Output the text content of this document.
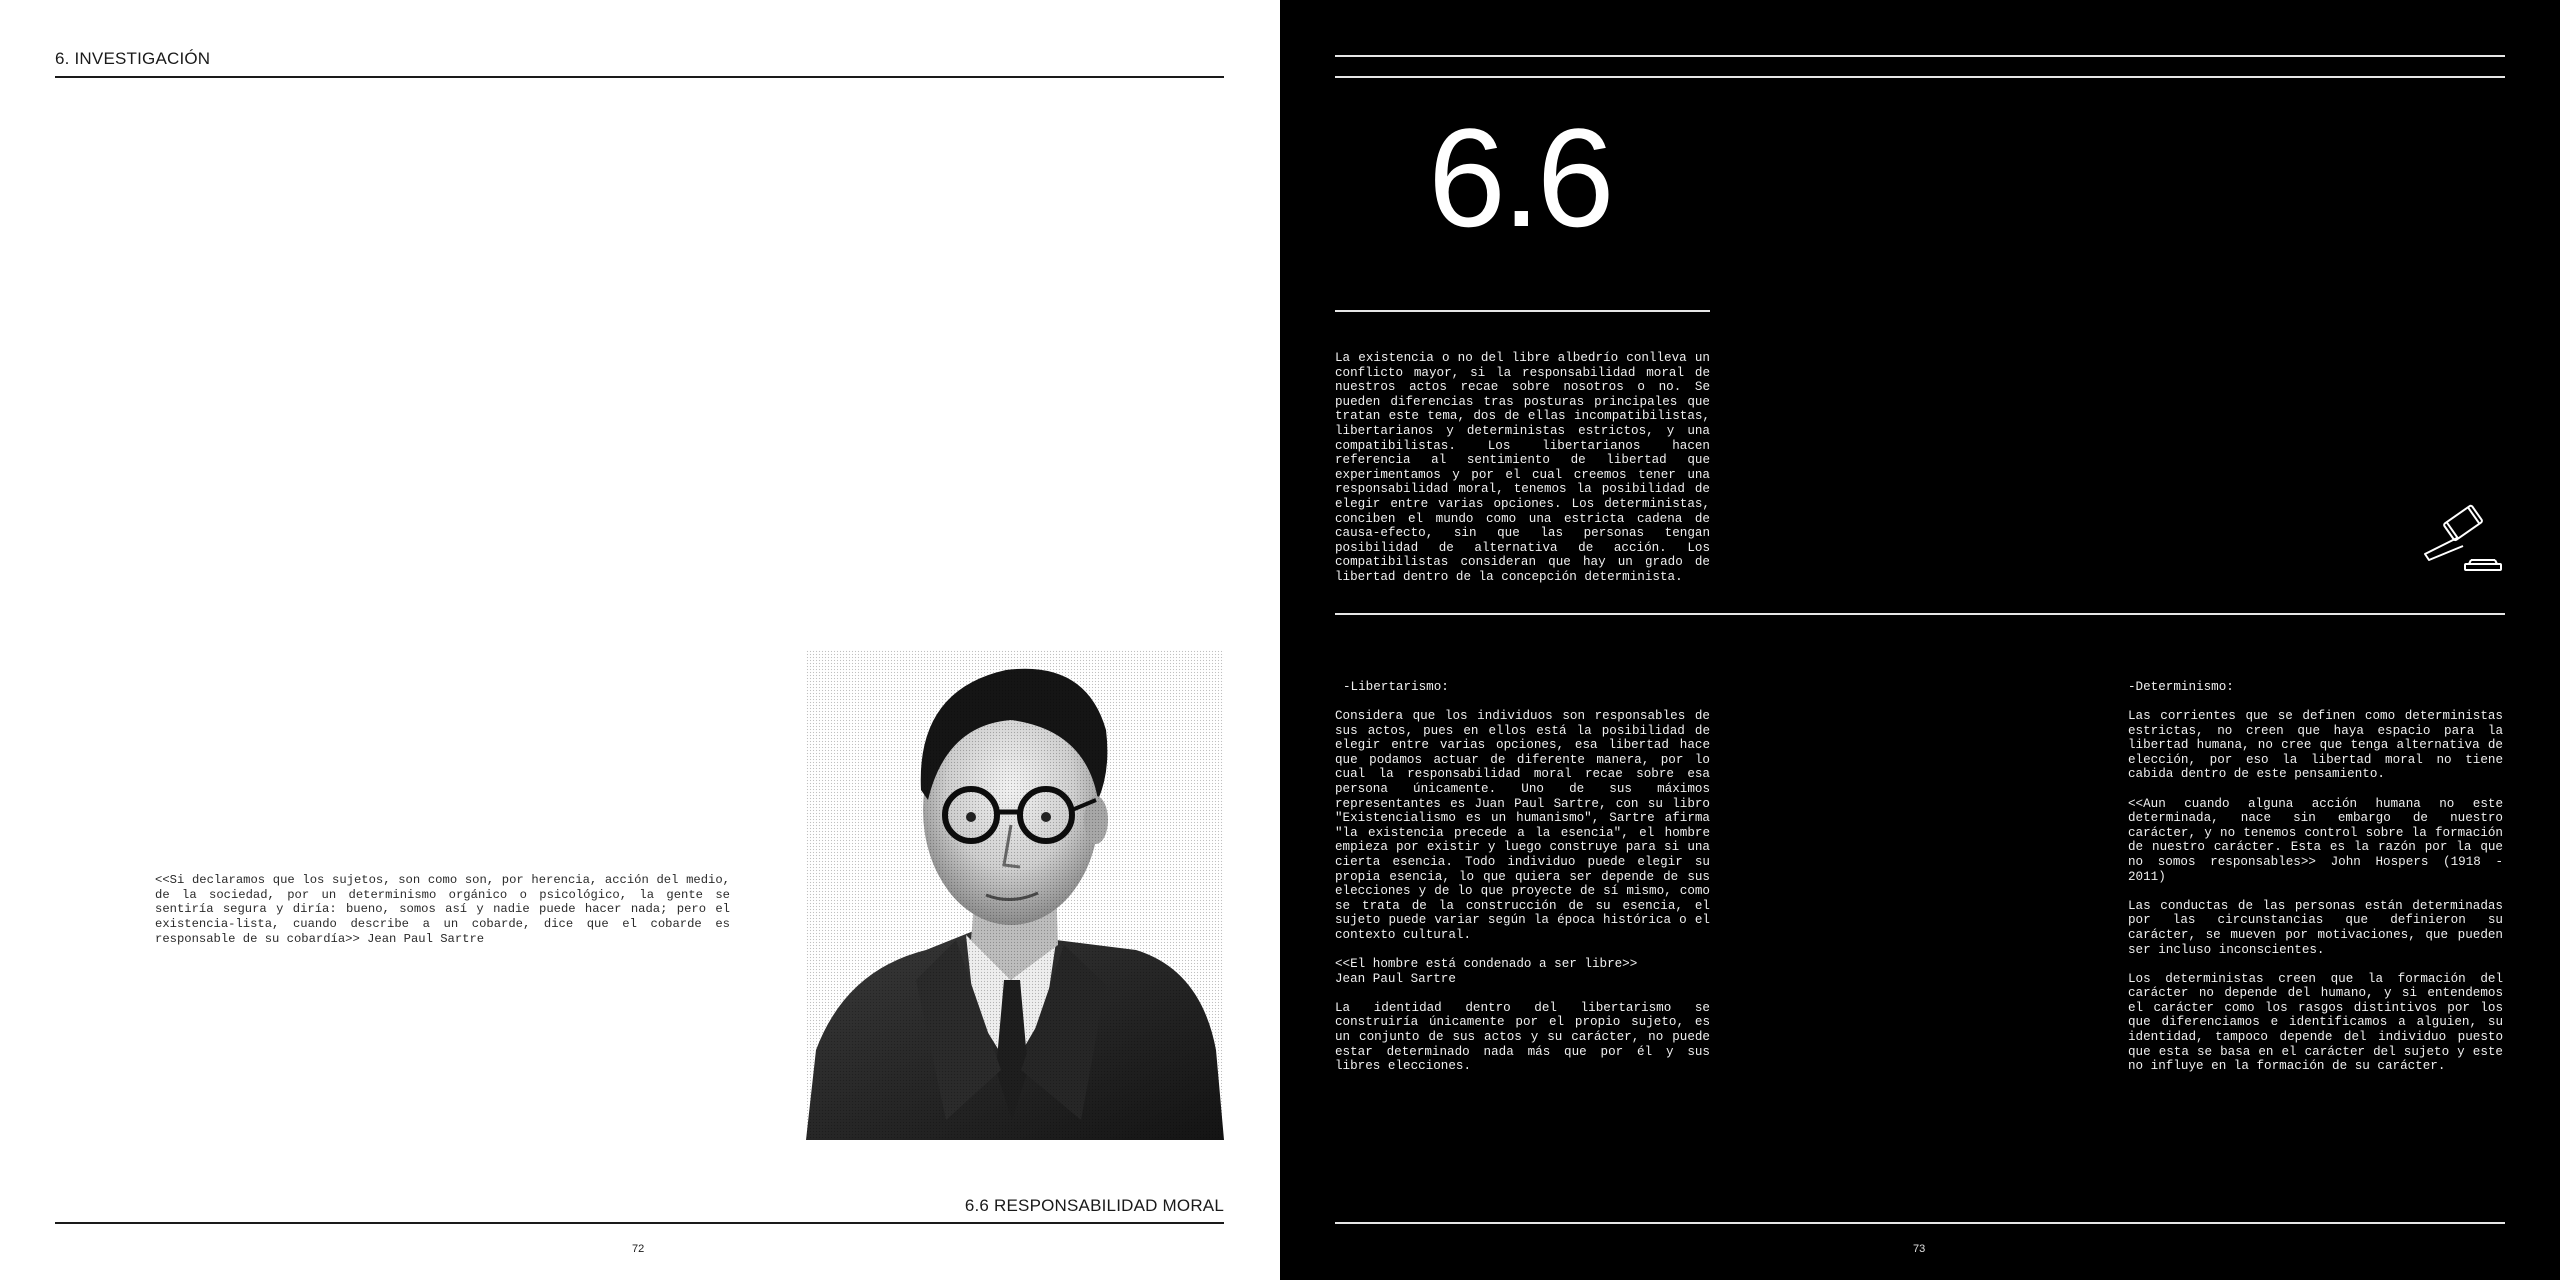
6. INVESTIGACIÓN
<<Si declaramos que los sujetos, son como son, por herencia, acción del medio, de la sociedad, por un determinismo orgánico o psicológico, la gente se sentiría segura y diría: bueno, somos así y nadie puede hacer nada; pero el existencia-lista, cuando describe a un cobarde, dice que el cobarde es responsable de su cobardía>> Jean Paul Sartre
6.6 RESPONSABILIDAD MORAL
72
6.6
La existencia o no del libre albedrío conlleva un conflicto mayor, si la responsabilidad moral de nuestros actos recae sobre nosotros o no. Se pueden diferencias tras posturas principales que tratan este tema, dos de ellas incompatibilistas, libertarianos y deterministas estrictos, y una compatibilistas. Los libertarianos hacen referencia al sentimiento de libertad que experimentamos y por el cual creemos tener una responsabilidad moral, tenemos la posibilidad de elegir entre varias opciones. Los deterministas, conciben el mundo como una estricta cadena de causa-efecto, sin que las personas tengan posibilidad de alternativa de acción. Los compatibilistas consideran que hay un grado de libertad dentro de la concepción determinista.
-Libertarismo:
Considera que los individuos son responsables de sus actos, pues en ellos está la posibilidad de elegir entre varias opciones, esa libertad hace que podamos actuar de diferente manera, por lo cual la responsabilidad moral recae sobre esa persona únicamente. Uno de sus máximos representantes es Juan Paul Sartre, con su libro "Existencialismo es un humanismo", Sartre afirma "la existencia precede a la esencia", el hombre empieza por existir y luego construye para si una cierta esencia. Todo individuo puede elegir su propia esencia, lo que quiera ser depende de sus elecciones y de lo que proyecte de sí mismo, como se trata de la construcción de su esencia, el sujeto puede variar según la época histórica o el contexto cultural.

<<El hombre está condenado a ser libre>>
Jean Paul Sartre

La identidad dentro del libertarismo se construiría únicamente por el propio sujeto, es un conjunto de sus actos y su carácter, no puede estar determinado nada más que por él y sus libres elecciones.
-Determinismo:
Las corrientes que se definen como deterministas estrictas, no creen que haya espacio para la libertad humana, no cree que tenga alternativa de elección, por eso la libertad moral no tiene cabida dentro de este pensamiento.

<<Aun cuando alguna acción humana no este determinada, nace sin embargo de nuestro carácter, y no tenemos control sobre la formación de nuestro carácter. Esta es la razón por la que no somos responsables>> John Hospers (1918 - 2011)

Las conductas de las personas están determinadas por las circunstancias que definieron su carácter, se mueven por motivaciones, que pueden ser incluso inconscientes.

Los deterministas creen que la formación del carácter no depende del humano, y si entendemos el carácter como los rasgos distintivos por los que diferenciamos e identificamos a alguien, su identidad, tampoco depende del individuo puesto que esta se basa en el carácter del sujeto y este no influye en la formación de su carácter.
73
